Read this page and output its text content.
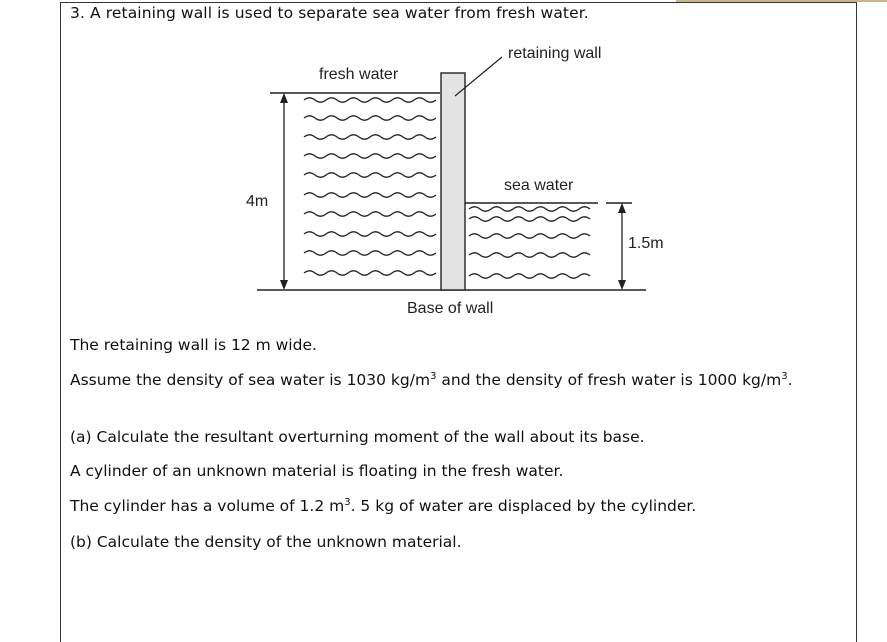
3. A retaining wall is used to separate sea water from fresh water.
fresh water
retaining wall
sea water
4m
1.5m
Base of wall
The retaining wall is 12 m wide.
Assume the density of sea water is 1030 $kg/m^3$ and the density of fresh water is 1000 $kg/m^3$.
(a) Calculate the resultant overturning moment of the wall about its base.
A cylinder of an unknown material is floating in the fresh water.
The cylinder has a volume of 1.2 $m^3$. 5 kg of water are displaced by the cylinder.
(b) Calculate the density of the unknown material.
